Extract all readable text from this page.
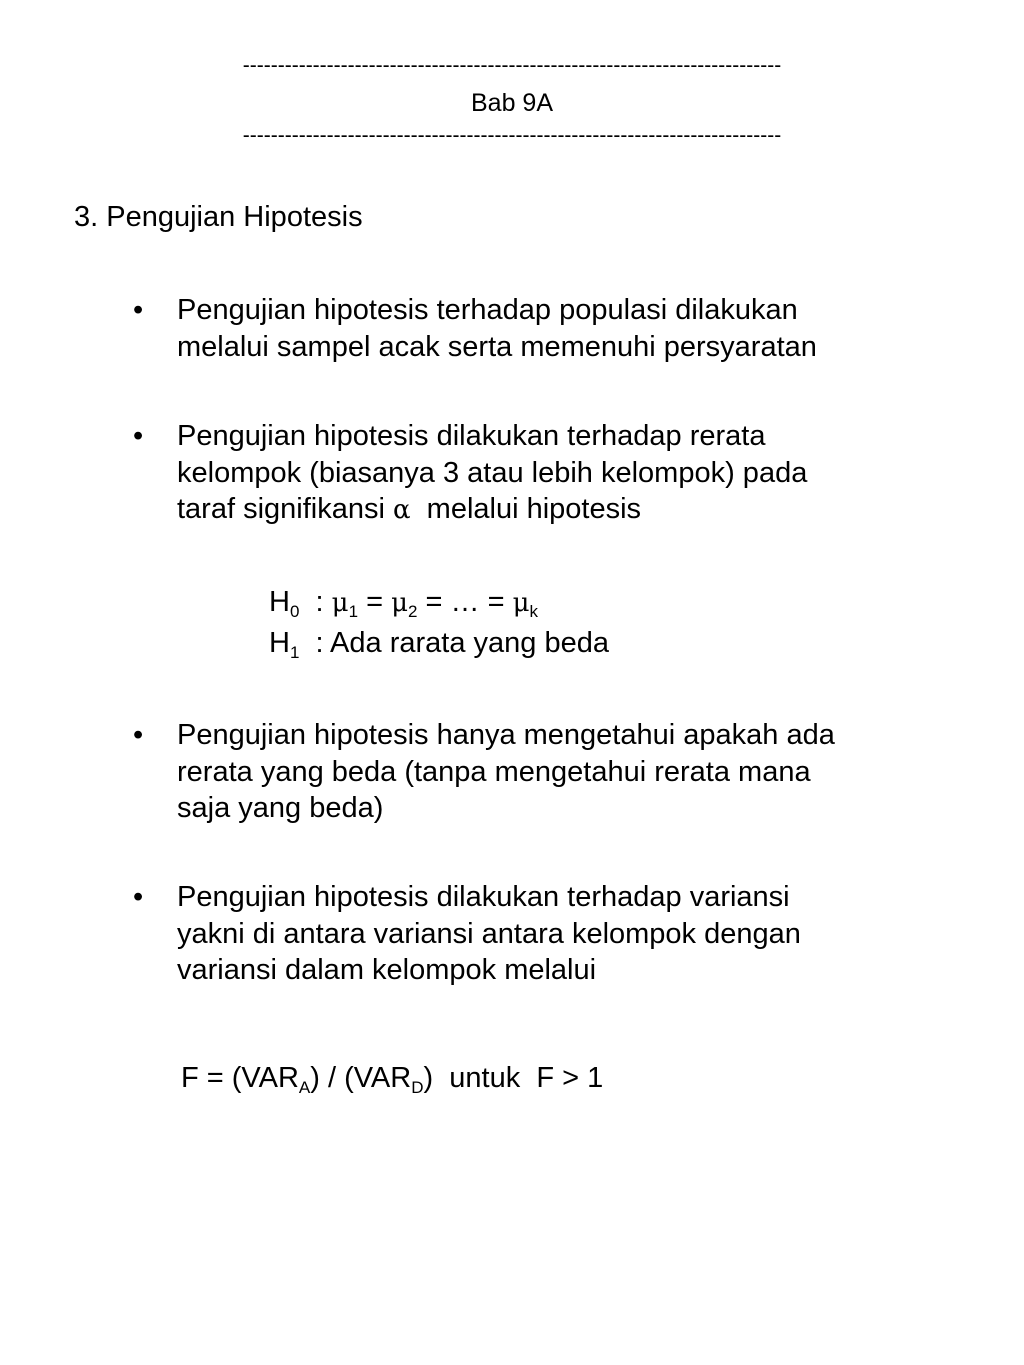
-----------------------------------------------------------------------------
Bab 9A
-----------------------------------------------------------------------------
3. Pengujian Hipotesis
•	Pengujian hipotesis terhadap populasi dilakukan
melalui sampel acak serta memenuhi persyaratan
•	Pengujian hipotesis dilakukan terhadap rerata
kelompok (biasanya 3 atau lebih kelompok) pada
taraf signifikansi α  melalui hipotesis
$H_0$  : $\mu_1 = \mu_2$ = … = $\mu_k$
$H_1$  : Ada rarata yang beda
•	Pengujian hipotesis hanya mengetahui apakah ada
rerata yang beda (tanpa mengetahui rerata mana
saja yang beda)
•	Pengujian hipotesis dilakukan terhadap variansi
yakni di antara variansi antara kelompok dengan
variansi dalam kelompok melalui
$F = (VAR_A) / (VAR_D)$  untuk  F > 1
